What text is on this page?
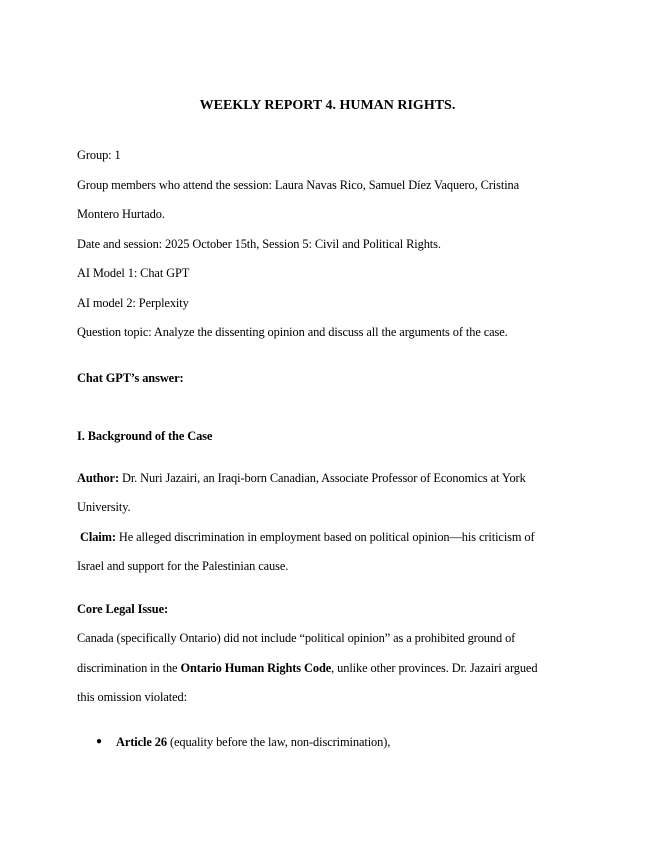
WEEKLY REPORT 4. HUMAN RIGHTS.

Group: 1

Group members who attend the session: Laura Navas Rico, Samuel Díez Vaquero, Cristina

Montero Hurtado.

Date and session: 2025 October 15th, Session 5: Civil and Political Rights.

AI Model 1: Chat GPT

AI model 2: Perplexity

Question topic: Analyze the dissenting opinion and discuss all the arguments of the case.

Chat GPT’s answer:

I. Background of the Case

Author: Dr. Nuri Jazairi, an Iraqi-born Canadian, Associate Professor of Economics at York

University.

Claim: He alleged discrimination in employment based on political opinion—his criticism of

Israel and support for the Palestinian cause.

Core Legal Issue:

Canada (specifically Ontario) did not include “political opinion” as a prohibited ground of

discrimination in the Ontario Human Rights Code, unlike other provinces. Dr. Jazairi argued

this omission violated:

● Article 26 (equality before the law, non-discrimination),
